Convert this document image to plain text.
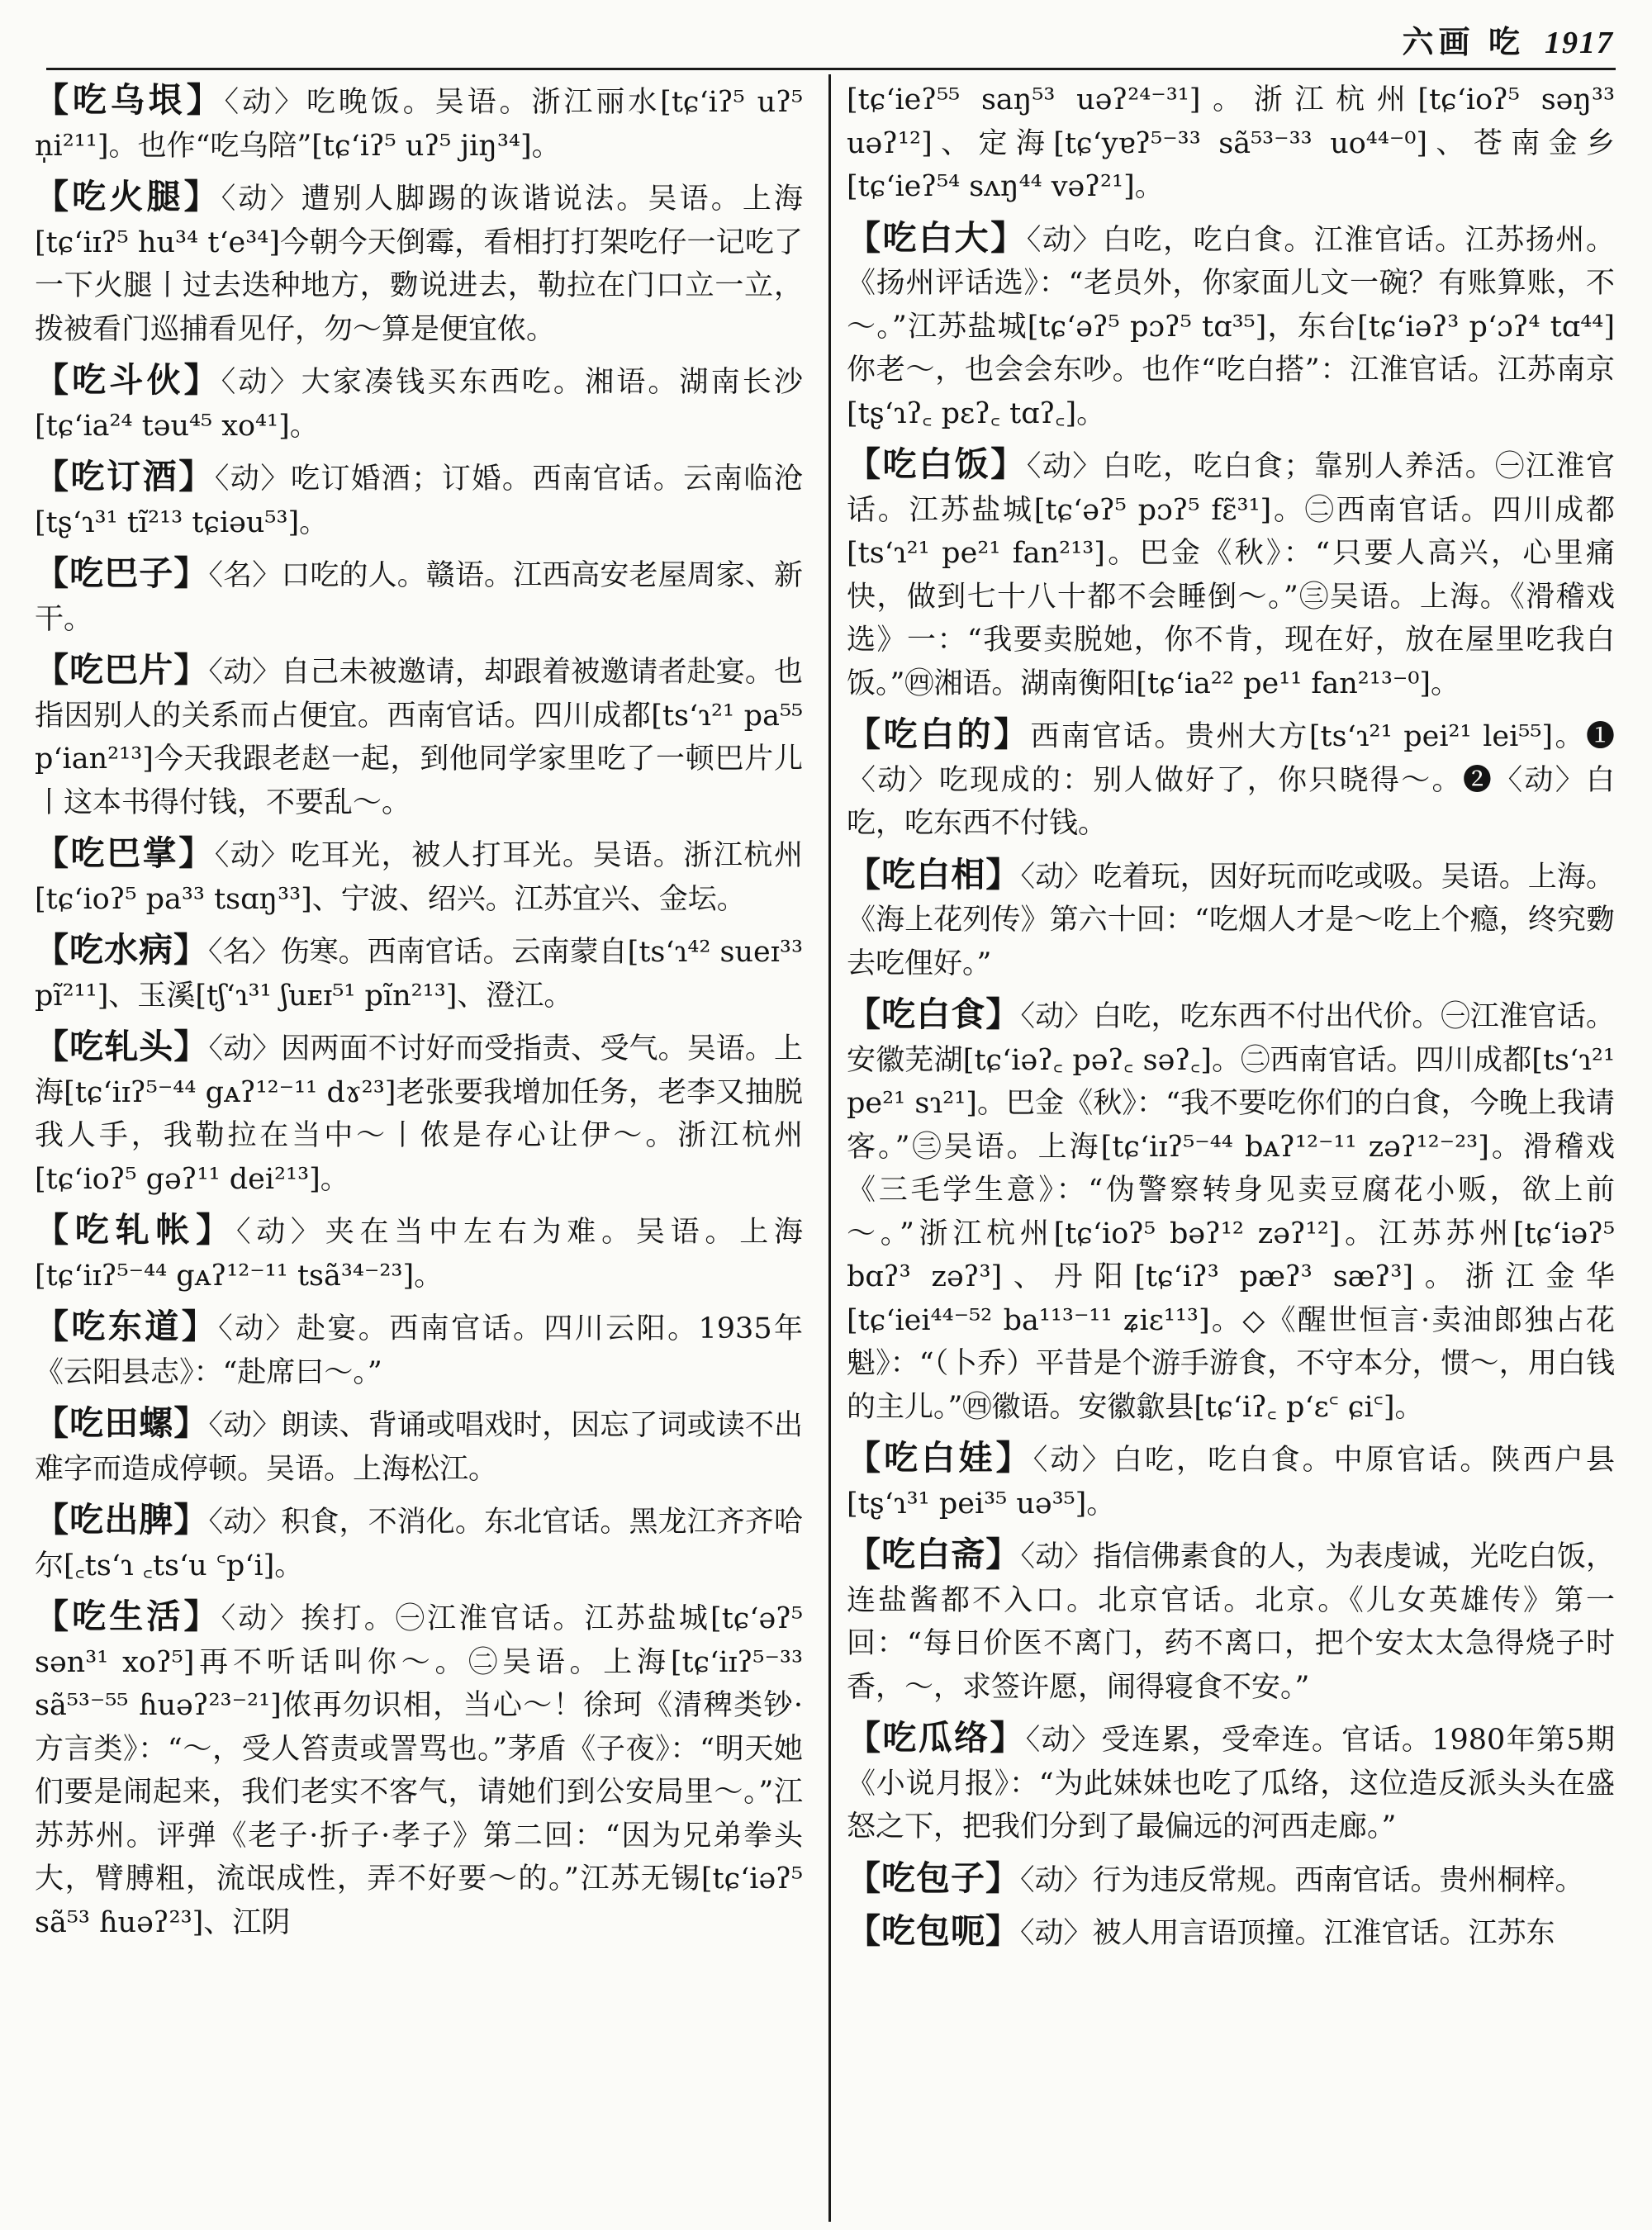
六画 吃 1917
【吃乌垠】〈动〉吃晚饭。吴语。浙江丽水[tɕʻiʔ⁵ uʔ⁵ n̩i²¹¹]。也作“吃乌陪”[tɕʻiʔ⁵ uʔ⁵ jiŋ³⁴]。
【吃火腿】〈动〉遭别人脚踢的诙谐说法。吴语。上海[tɕʻiɪʔ⁵ hu³⁴ tʻe³⁴]今朝今天倒霉，看相打打架吃仔一记吃了一下火腿丨过去迭种地方，覅说进去，勒拉在门口立一立，拨被看门巡捕看见仔，勿～算是便宜侬。
【吃斗伙】〈动〉大家凑钱买东西吃。湘语。湖南长沙[tɕʻia²⁴ təu⁴⁵ xo⁴¹]。
【吃订酒】〈动〉吃订婚酒；订婚。西南官话。云南临沧[tʂʻɿ³¹ tĩ²¹³ tɕiəu⁵³]。
【吃巴子】〈名〉口吃的人。赣语。江西高安老屋周家、新干。
【吃巴片】〈动〉自己未被邀请，却跟着被邀请者赴宴。也指因别人的关系而占便宜。西南官话。四川成都[tsʻɿ²¹ pa⁵⁵ pʻian²¹³]今天我跟老赵一起，到他同学家里吃了一顿巴片儿丨这本书得付钱，不要乱～。
【吃巴掌】〈动〉吃耳光，被人打耳光。吴语。浙江杭州[tɕʻioʔ⁵ pa³³ tsɑŋ³³]、宁波、绍兴。江苏宜兴、金坛。
【吃水病】〈名〉伤寒。西南官话。云南蒙自[tsʻɿ⁴² sueɪ³³ pĩ²¹¹]、玉溪[tʃʻɿ³¹ ʃuᴇɪ⁵¹ pĩn²¹³]、澄江。
【吃轧头】〈动〉因两面不讨好而受指责、受气。吴语。上海[tɕʻiɪʔ⁵⁻⁴⁴ gᴀʔ¹²⁻¹¹ dɤ²³]老张要我增加任务，老李又抽脱我人手，我勒拉在当中～丨侬是存心让伊～。浙江杭州[tɕʻioʔ⁵ gəʔ¹¹ dei²¹³]。
【吃轧帐】〈动〉夹在当中左右为难。吴语。上海[tɕʻiɪʔ⁵⁻⁴⁴ gᴀʔ¹²⁻¹¹ tsã³⁴⁻²³]。
【吃东道】〈动〉赴宴。西南官话。四川云阳。1935年《云阳县志》：“赴席曰～。”
【吃田螺】〈动〉朗读、背诵或唱戏时，因忘了词或读不出难字而造成停顿。吴语。上海松江。
【吃出脾】〈动〉积食，不消化。东北官话。黑龙江齐齐哈尔[꜀tsʻɿ ꜀tsʻu ꜂pʻi]。
【吃生活】〈动〉挨打。㊀江淮官话。江苏盐城[tɕʻəʔ⁵ sən³¹ xoʔ⁵]再不听话叫你～。㊁吴语。上海[tɕʻiɪʔ⁵⁻³³ sã⁵³⁻⁵⁵ ɦuəʔ²³⁻²¹]侬再勿识相，当心～！徐珂《清稗类钞·方言类》：“～，受人笞责或詈骂也。”茅盾《子夜》：“明天她们要是闹起来，我们老实不客气，请她们到公安局里～。”江苏苏州。评弹《老子·折子·孝子》第二回：“因为兄弟拳头大，臂膊粗，流氓成性，弄不好要～的。”江苏无锡[tɕʻiəʔ⁵ sã⁵³ ɦuəʔ²³]、江阴
[tɕʻieʔ⁵⁵ saŋ⁵³ uəʔ²⁴⁻³¹]。浙江杭州[tɕʻioʔ⁵ səŋ³³ uəʔ¹²]、定海[tɕʻyɐʔ⁵⁻³³ sã⁵³⁻³³ uo⁴⁴⁻⁰]、苍南金乡[tɕʻieʔ⁵⁴ sʌŋ⁴⁴ vəʔ²¹]。
【吃白大】〈动〉白吃，吃白食。江淮官话。江苏扬州。《扬州评话选》：“老员外，你家面儿文一碗？有账算账，不～。”江苏盐城[tɕʻəʔ⁵ pɔʔ⁵ tɑ³⁵]，东台[tɕʻiəʔ³ pʻɔʔ⁴ tɑ⁴⁴]你老～，也会会东吵。也作“吃白搭”：江淮官话。江苏南京[tʂʻɿʔ꜀ pɛʔ꜀ tɑʔ꜀]。
【吃白饭】〈动〉白吃，吃白食；靠别人养活。㊀江淮官话。江苏盐城[tɕʻəʔ⁵ pɔʔ⁵ fɛ̃³¹]。㊁西南官话。四川成都[tsʻɿ²¹ pe²¹ fan²¹³]。巴金《秋》：“只要人高兴，心里痛快，做到七十八十都不会睡倒～。”㊂吴语。上海。《滑稽戏选》一：“我要卖脱她，你不肯，现在好，放在屋里吃我白饭。”㊃湘语。湖南衡阳[tɕʻia²² pe¹¹ fan²¹³⁻⁰]。
【吃白的】西南官话。贵州大方[tsʻɿ²¹ pei²¹ lei⁵⁵]。❶〈动〉吃现成的：别人做好了，你只晓得～。❷〈动〉白吃，吃东西不付钱。
【吃白相】〈动〉吃着玩，因好玩而吃或吸。吴语。上海。《海上花列传》第六十回：“吃烟人才是～吃上个瘾，终究覅去吃俚好。”
【吃白食】〈动〉白吃，吃东西不付出代价。㊀江淮官话。安徽芜湖[tɕʻiəʔ꜀ pəʔ꜀ səʔ꜀]。㊁西南官话。四川成都[tsʻɿ²¹ pe²¹ sɿ²¹]。巴金《秋》：“我不要吃你们的白食，今晚上我请客。”㊂吴语。上海[tɕʻiɪʔ⁵⁻⁴⁴ bᴀʔ¹²⁻¹¹ zəʔ¹²⁻²³]。滑稽戏《三毛学生意》：“伪警察转身见卖豆腐花小贩，欲上前～。”浙江杭州[tɕʻioʔ⁵ bəʔ¹² zəʔ¹²]。江苏苏州[tɕʻiəʔ⁵ bɑʔ³ zəʔ³]、丹阳[tɕʻiʔ³ pæʔ³ sæʔ³]。浙江金华[tɕʻiei⁴⁴⁻⁵² ba¹¹³⁻¹¹ ʑiɛ¹¹³]。◇《醒世恒言·卖油郎独占花魁》：“（卜乔）平昔是个游手游食，不守本分，惯～，用白钱的主儿。”㊃徽语。安徽歙县[tɕʻiʔ꜀ pʻɛ꜂ ɕi꜂]。
【吃白娃】〈动〉白吃，吃白食。中原官话。陕西户县[tʂʻɿ³¹ pei³⁵ uə³⁵]。
【吃白斋】〈动〉指信佛素食的人，为表虔诚，光吃白饭，连盐酱都不入口。北京官话。北京。《儿女英雄传》第一回：“每日价医不离门，药不离口，把个安太太急得烧子时香，～，求签许愿，闹得寝食不安。”
【吃瓜络】〈动〉受连累，受牵连。官话。1980年第5期《小说月报》：“为此妹妹也吃了瓜络，这位造反派头头在盛怒之下，把我们分到了最偏远的河西走廊。”
【吃包子】〈动〉行为违反常规。西南官话。贵州桐梓。
【吃包呃】〈动〉被人用言语顶撞。江淮官话。江苏东
